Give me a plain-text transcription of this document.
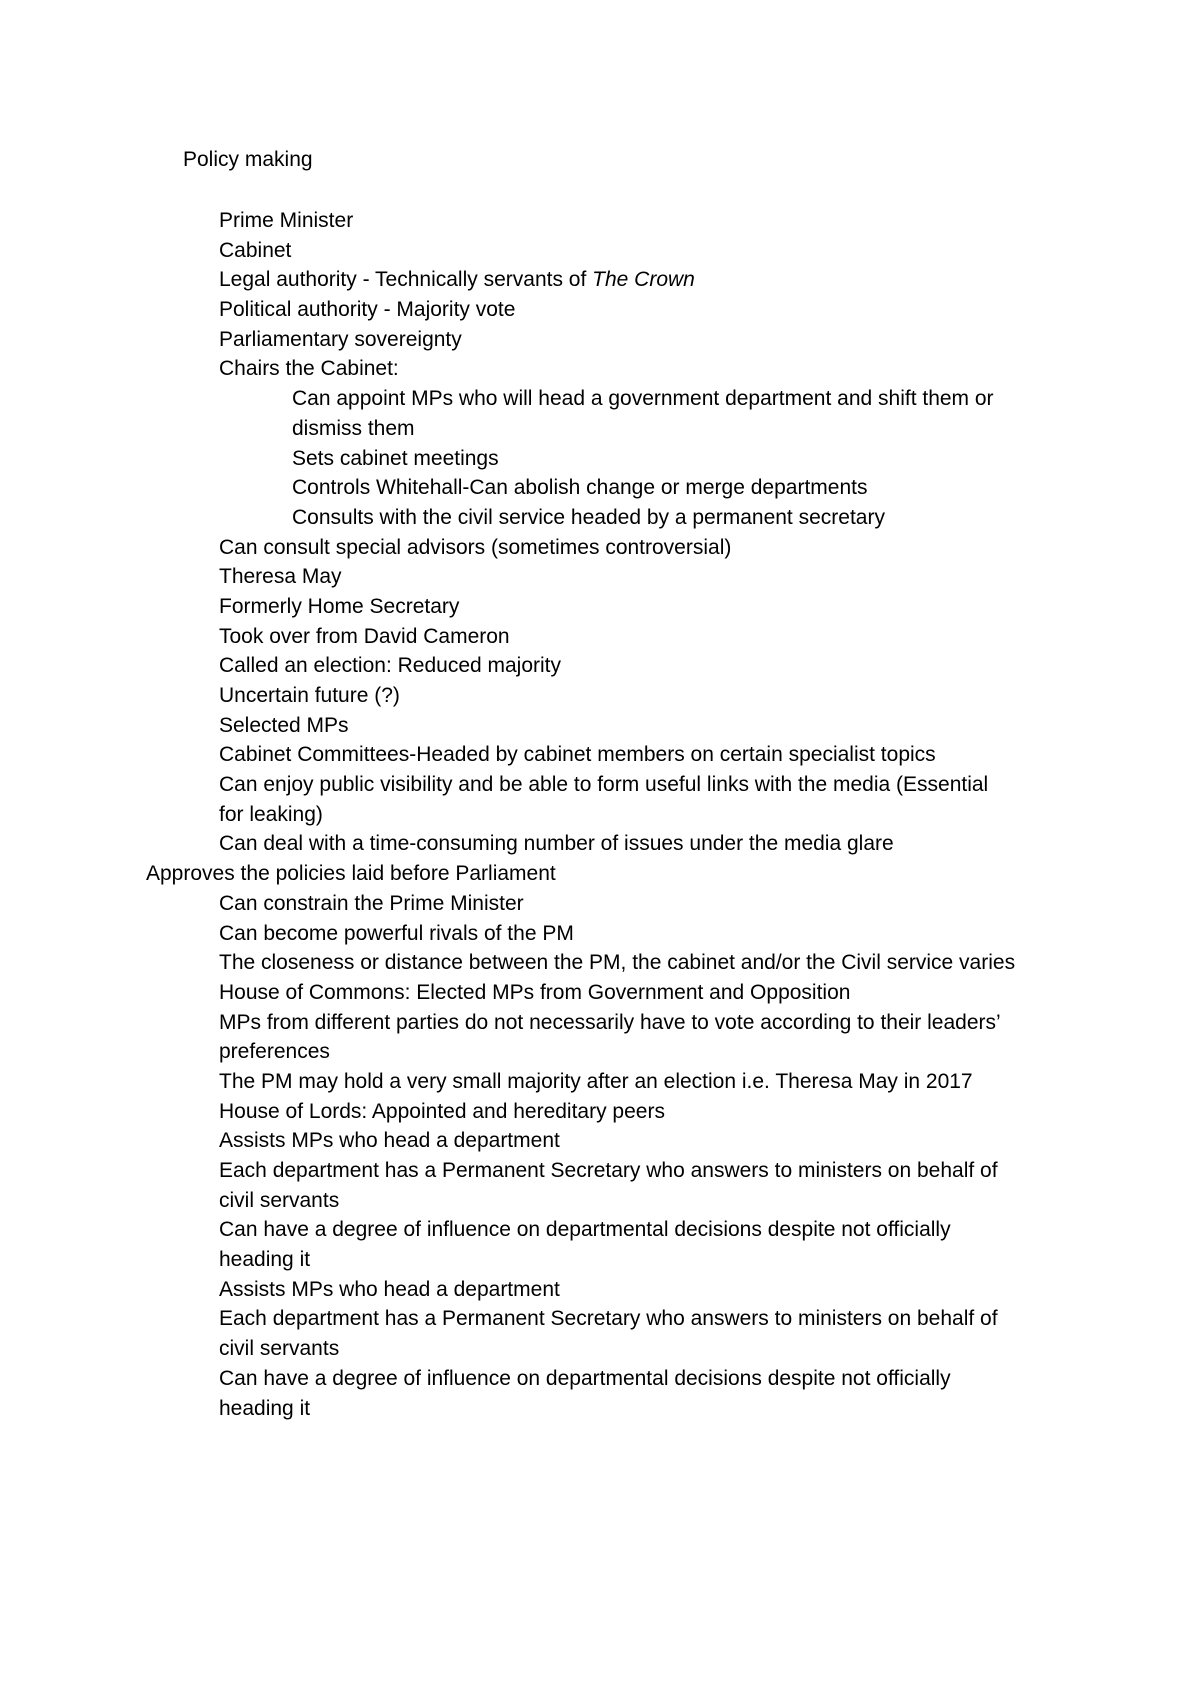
Policy making
Prime Minister
Cabinet
Legal authority - Technically servants of The Crown
Political authority - Majority vote
Parliamentary sovereignty
Chairs the Cabinet:
Can appoint MPs who will head a government department and shift them or
dismiss them
Sets cabinet meetings
Controls Whitehall-Can abolish change or merge departments
Consults with the civil service headed by a permanent secretary
Can consult special advisors (sometimes controversial)
Theresa May
Formerly Home Secretary
Took over from David Cameron
Called an election: Reduced majority
Uncertain future (?)
Selected MPs
Cabinet Committees-Headed by cabinet members on certain specialist topics
Can enjoy public visibility and be able to form useful links with the media (Essential
for leaking)
Can deal with a time-consuming number of issues under the media glare
Approves the policies laid before Parliament
Can constrain the Prime Minister
Can become powerful rivals of the PM
The closeness or distance between the PM, the cabinet and/or the Civil service varies
House of Commons: Elected MPs from Government and Opposition
MPs from different parties do not necessarily have to vote according to their leaders’
preferences
The PM may hold a very small majority after an election i.e. Theresa May in 2017
House of Lords: Appointed and hereditary peers
Assists MPs who head a department
Each department has a Permanent Secretary who answers to ministers on behalf of
civil servants
Can have a degree of influence on departmental decisions despite not officially
heading it
Assists MPs who head a department
Each department has a Permanent Secretary who answers to ministers on behalf of
civil servants
Can have a degree of influence on departmental decisions despite not officially
heading it
